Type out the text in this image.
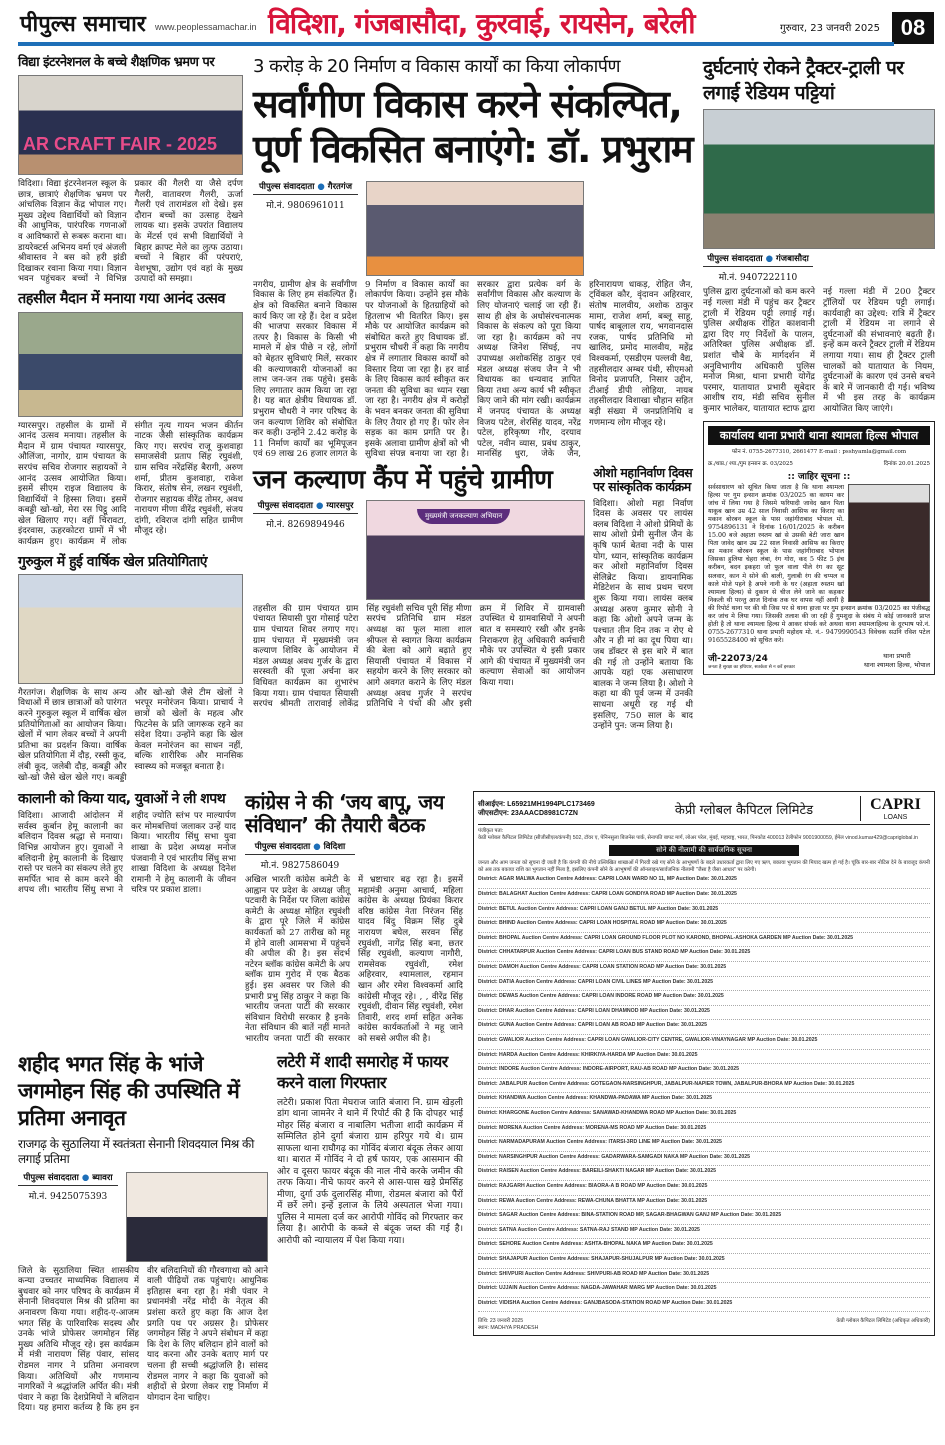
पीपुल्स समाचार www.peoplessamachar.in विदिशा, गंजबासौदा, कुरवाई, रायसेन, बरेली	गुरुवार, 23 जनवरी 2025 08
विद्या इंटरनेशनल के बच्चे शैक्षणिक भ्रमण पर
AR CRAFT FAIR - 2025
विदिशा। विद्या इंटरनेशनल स्कूल के छात्र, छात्राएं शैक्षणिक भ्रमण पर आंचलिक विज्ञान केंद्र भोपाल गए। मुख्य उद्देश्य विद्यार्थियों को विज्ञान की आधुनिक, पारंपरिक गणनाओं व आविष्कारों से रूबरू कराना था। डायरेक्टर्स अभिनय वर्मा एवं अंजली श्रीवास्तव ने बस को हरी झंडी दिखाकर रवाना किया गया। विज्ञान भवन पहुंचकर बच्चों ने विभिन्न प्रकार की गैलरी या जैसे दर्पण गैलरी, वातावरण गैलरी, ऊर्जा गैलरी एवं तारामंडल शो देखे। इस दौरान बच्चों का उत्साह देखने लायक था। इसके उपरांत विद्यालय के मेंटर्स एवं सभी विद्यार्थियों ने बिहार क्राफ्ट मेले का लुत्फ उठाया। बच्चों ने बिहार की परंपराएं, वेशभूषा, उद्योग एवं वहां के मुख्य उत्पादों को समझा।
तहसील मैदान में मनाया गया आनंद उत्सव
ग्यारसपुर। तहसील के ग्रामों में आनंद उत्सव मनाया। तहसील के मैदान में ग्राम पंचायत ग्यारसपुर, औलिंजा, नागोर, ग्राम पंचायत के सरपंच सचिव रोजगार सहायकों ने आनंद उत्सव आयोजित किया। इसमें सीएम राइज विद्यालय के विद्यार्थियों ने हिस्सा लिया। इसमें कबड्डी खो-खो, मेरा रस पिट्ठू आदि खेल खिलाए गए। वहीं चिरावटा, इंदरवास, ऊहरकोटरा ग्रामों में भी कार्यक्रम हुए। कार्यक्रम में लोक संगीत नृत्य गायन भजन कीर्तन नाटक जैसी सांस्कृतिक कार्यक्रम किए गए। सरपंच राजू कुशवाहा समाजसेवी प्रताप सिंह रघुवंशी, ग्राम सचिव नरेंद्रसिंह बैरागी, अरुण शर्मा, प्रीतम कुशवाहा, राकेश किरार, संतोष सेन, लखन रघुवंशी, रोजगार सहायक वीरेंद्र तोमर, अवध नारायण मीणा वीरेंद्र रघुवंशी, संजय दांगी, रविराज दांगी सहित ग्रामीण मौजूद रहे।
गुरुकुल में हुई वार्षिक खेल प्रतियोगिताएं
गैरतगंज। शैक्षणिक के साथ अन्य विधाओं में छात्र छात्राओं को पारंगत करने गुरुकुल स्कूल में वार्षिक खेल प्रतियोगिताओं का आयोजन किया। खेलों में भाग लेकर बच्चों ने अपनी प्रतिभा का प्रदर्शन किया। वार्षिक खेल प्रतियोगिता में दौड़, रस्सी कूद, लंबी कूद, जलेबी दौड़, कबड्डी और खो-खो जैसे खेल खेले गए। कबड्डी और खो-खो जैसे टीम खेलों ने भरपूर मनोरंजन किया। प्राचार्य ने छात्रों को खेलों के महत्व और फिटनेस के प्रति जागरूक रहने का संदेश दिया। उन्होंने कहा कि खेल केवल मनोरंजन का साधन नहीं, बल्कि शारीरिक और मानसिक स्वास्थ्य को मजबूत बनाता है।
3 करोड़ के 20 निर्माण व विकास कार्यों का किया लोकार्पण
सर्वांगीण विकास करने संकल्पित, पूर्ण विकसित बनाएंगे: डॉ. प्रभुराम
पीपुल्स संवाददाता ● गैरतगंज
मो.नं. 9806961011
नगरीय, ग्रामीण क्षेत्र के सर्वांगीण विकास के लिए हम संकल्पित हैं। क्षेत्र को विकसित बनाने विकास कार्य किए जा रहे हैं। देश व प्रदेश की भाजपा सरकार विकास में तत्पर है। विकास के किसी भी मामले में क्षेत्र पीछे न रहे, लोगों को बेहतर सुविधाएं मिलें, सरकार की कल्याणकारी योजनाओं का लाभ जन-जन तक पहुंचे। इसके लिए लगातार काम किया जा रहा है। यह बात क्षेत्रीय विधायक डॉ. प्रभुराम चौधरी ने नगर परिषद के जन कल्याण शिविर को संबोधित कर कही। उन्होंने 2.42 करोड़ के 11 निर्माण कार्यों का भूमिपूजन एवं 69 लाख 26 हजार लागत के 9 निर्माण व विकास कार्यों का लोकार्पण किया। उन्होंने इस मौके पर योजनाओं के हितग्राहियों को हितलाभ भी वितरित किए। इस मौके पर आयोजित कार्यक्रम को संबोधित करते हुए विधायक डॉ. प्रभुराम चौधरी ने कहा कि नगरीय क्षेत्र में लगातार विकास कार्यों को विस्तार दिया जा रहा है। हर वार्ड के लिए विकास कार्य स्वीकृत कर जनता की सुविधा का ध्यान रखा जा रहा है। नगरीय क्षेत्र में करोड़ों के भवन बनकर जनता की सुविधा के लिए तैयार हो गए हैं। फोर लेन सड़क का काम प्रगति पर है। इसके अलावा ग्रामीण क्षेत्रों को भी सुविधा संपन्न बनाया जा रहा है। सरकार द्वारा प्रत्येक वर्ग के सर्वांगीण विकास और कल्याण के लिए योजनाएं चलाई जा रही हैं। साथ ही क्षेत्र के अधोसंरचनात्मक विकास के संकल्प को पूरा किया जा रहा है। कार्यक्रम को नप अध्यक्ष जिनेश सिंघई, नप उपाध्यक्ष अशोकसिंह ठाकुर एवं मंडल अध्यक्ष संजय जैन ने भी विधायक का धन्यवाद ज्ञापित किया तथा अन्य कार्य भी स्वीकृत किए जाने की मांग रखी। कार्यक्रम में जनपद पंचायत के अध्यक्ष विजय पटेल, शेरसिंह यादव, नरेंद्र पटेल, हरिकृष्ण गौर, दरयाव पटेल, नवीन व्यास, प्रबंध ठाकुर, मानसिंह धुरा, जेके जैन, हरिनारायण धाकड़, रोहित जैन, ट्विंकल कौर, वृंदावन अहिरवार, संतोष मालवीय, अशोक ठाकुर मामा, राजेश शर्मा, बब्लू साहू, पार्षद बाबूलाल राय, भगवानदास रजक, पार्षद प्रतिनिधि मो खालिद, प्रमोद मालवीय, महेंद्र विश्वकर्मा, एसडीएम पल्लवी वैद्य, तहसीलदार अम्बर पंथी, सीएमओ विनोद प्रजापति, निसार उद्दीन, टीआई डीपी लोहिया, नायब तहसीलदार विशाखा चौहान सहित बड़ी संख्या में जनप्रतिनिधि व गणमान्य लोग मौजूद रहे।
जन कल्याण कैंप में पहुंचे ग्रामीण
पीपुल्स संवाददाता ● ग्यारसपुर
मो.नं. 8269894946
मुख्यमंत्री जनकल्याण अभियान
तहसील की ग्राम पंचायत ग्राम पंचायत सियासी पुरा गोसाई पटेरा ग्राम पंचायत शिवर लगाए गए। ग्राम पंचायत में मुख्यमंत्री जन कल्याण शिविर के आयोजन में मंडल अध्यक्ष अवध गुर्जर के द्वारा सरस्वती की पूजा अर्चना कर विधिवत कार्यक्रम का शुभारंभ किया गया। ग्राम पंचायत सियासी सरपंच श्रीमती तारावाई लोकेंद्र सिंह रघुवंशी सचिव पूरी सिंह मीणा सरपंच प्रतिनिधि ग्राम मंडल अध्यक्ष का फूल माला शाल श्रीफल से स्वागत किया कार्यक्रम की बेला को आगे बढ़ाते हुए सियासी पंचायत में विकास में सहयोग करने के लिए सरकार को आगे अवगत कराने के लिए मंडल अध्यक्ष अवध गुर्जर ने सरपंच प्रतिनिधि ने पंचो की और इसी क्रम में शिविर में ग्रामवासी उपस्थित थे ग्रामवासियों ने अपनी बात व समस्याएं रखी और इनके निराकरण हेतु अधिकारी कर्मचारी मौके पर उपस्थित थे इसी प्रकार आगे की पंचायत में मुख्यमंत्री जन कल्याण सेवाओं का आयोजन किया गया।
ओशो महानिर्वाण दिवस पर सांस्कृतिक कार्यक्रम
विदिशा। ओशो महा निर्वाण दिवस के अवसर पर लायंस क्लब विदिशा ने ओशो प्रेमियों के साथ ओशो प्रेमी सुनील जैन के कृषि फार्म बेतवा नदी के पास योग, ध्यान, सांस्कृतिक कार्यक्रम कर ओशो महानिर्वाण दिवस सेलिब्रेट किया। डायनामिक मेडिटेशन के साथ प्रथम चरण शुरू किया गया। लायंस क्लब अध्यक्ष अरुण कुमार सोनी ने कहा कि ओशो अपने जन्म के पश्चात तीन दिन तक न रोए थे और न ही मां का दूध पिया था। जब डॉक्टर से इस बारे में बात की गई तो उन्होंने बताया कि आपके यहां एक असाधारण बालक ने जन्म लिया है। ओशो ने कहा था की पूर्व जन्म में उनकी साधना अधूरी रह गई थी इसलिए, 750 साल के बाद उन्होंने पुन: जन्म लिया है।
दुर्घटनाएं रोकने ट्रैक्टर-ट्राली पर लगाई रेडियम पट्टियां
पीपुल्स संवाददाता ● गंजबासौदा
मो.नं. 9407222110
पुलिस द्वारा दुर्घटनाओं को कम करने नई गल्ला मंडी में पहुंच कर ट्रैक्टर ट्राली में रेडियम पट्टी लगाई गई। पुलिस अधीक्षक रोहित काशवानी द्वारा दिए गए निर्देशों के पालन, अतिरिक्त पुलिस अधीक्षक डॉ. प्रशांत चौबे के मार्गदर्शन में अनुविभागीय अधिकारी पुलिस मनोज मिश्रा, थाना प्रभारी योगेंद्र परमार, यातायात प्रभारी सूबेदार आशीष राय, मंडी सचिव सुनील कुमार भालेकर, यातायात स्टाफ द्वारा नई गल्ला मंडी में 200 ट्रैक्टर ट्रॉलियों पर रेडियम पट्टी लगाई। कार्यवाही का उद्देश्य: रात्रि में ट्रैक्टर ट्राली में रेडियम ना लगाने से दुर्घटनाओं की संभावनाएं बढ़ती हैं। इन्हें कम करने ट्रैक्टर ट्राली में रेडियम लगाया गया। साथ ही ट्रैक्टर ट्राली चालकों को यातायात के नियम, दुर्घटनाओं के कारण एवं उनसे बचने के बारे में जानकारी दी गई। भविष्य में भी इस तरह के कार्यक्रम आयोजित किए जाएंगे।
कार्यालय थाना प्रभारी थाना श्यामला हिल्स भोपाल
फोन नं. 0755-2677310, 2661477 E-mail : psshyamla@gmail.com
क्र./थाप्र./ श्या./गुम इन्सान क्र. 03/2025	दिनांक 20.01.2025
:: जाहिर सूचना ::
सर्वसाधारण को सूचित किया जाता है कि थाना श्यामला हिल्स पर गुम इन्सान क्रमांक 03/2025 का कायम कर जांच में लिया गया है जिसमे फरियादी जावेद खान पिता याकूब खान उम्र 42 साल निवासी आसिफ का किराए का मकान बोरबन स्कूल के पास जहांगीराबाद भोपाल मो. 9754896131 ने दिनांक 16/01/2025 के करीबन 15.00 बजे अहाता रुस्तम खां से उसकी बेटी जारा खान पिता जावेद खान उम्र 22 साल निवासी आसिफ का किराए का मकान बोरबन स्कूल के पास जहांगीराबाद भोपाल जिसका हुलिया चेहरा लंबा, रंग गोरा, कद 5 फीट 5 इंच करीबन, बदन इकहरा जो फूल वाला पीले रंग का सूट सलवार, कान मे सोने की बाली, गुलाबी रंग की चप्पल व काले मोजे पहने है अपने नानी के घर (अहाता रुस्तम खां श्यामला हिल्स) से दुकान से चीज लेने जाने का कहकर निकली थी परन्तु आज दिनांक तक घर वापस नहीं आयी है की रिपोर्ट थाना पर की थी जिस पर से थाना हाजा पर गुम इन्सान क्रमांक 03/2025 का पंजीबद्ध कर जांच मे लिया गया। जिसकी तलाश की जा रही है गुमशुदा के संबंध मे कोई जानकारी प्राप्त होती है तो थाना श्यामला हिल्स मे आकर संपर्क करे अथवा थाना श्यामलाहिल्स के दूरभाष फो.नं. 0755-2677310 थाना प्रभारी महोदय मो. नं.- 9479990543 विवेचक सउनि रविश पटेल 9165528400 को सूचित करे।
जी-22073/24
जनता है सुरक्षा का हथियार, सतर्कता से न करें इनकार
थाना प्रभारी
थाना श्यामला हिल्स, भोपाल
कालानी को किया याद, युवाओं ने ली शपथ
विदिशा। आजादी आंदोलन में सर्वस्व कुर्बान हेमू कालानी का बलिदान दिवस श्रद्धा से मनाया। विभिन्न आयोजन हुए। युवाओं ने बलिदानी हेमू कालानी के दिखाए रास्ते पर चलने का संकल्प लेते हुए समर्पित भाव से काम करने की शपथ ली। भारतीय सिंधु सभा ने शहीद ज्योति स्तंभ पर माल्यार्पण कर मोमबत्तियां जलाकर उन्हें याद किया। भारतीय सिंधु सभा युवा शाखा के प्रदेश अध्यक्ष मनोज पंजवानी ने एवं भारतीय सिंधु सभा शाखा विदिशा के अध्यक्ष दिनेश रामानी ने हेमू कालानी के जीवन चरित्र पर प्रकाश डाला।
कांग्रेस ने की ‘जय बापू, जय संविधान’ की तैयारी बैठक
पीपुल्स संवाददाता ● विदिशा
मो.नं. 9827586049
अखिल भारती कांग्रेस कमेटी के आह्वान पर प्रदेश के अध्यक्ष जीतू पटवारी के निर्देश पर जिला कांग्रेस कमेटी के अध्यक्ष मोहित रघुवंशी के द्वारा पूरे जिले में कांग्रेस कार्यकर्ता को 27 तारीख को महू में होने वाली आमसभा में पहुंचने की अपील की है। इस संदर्भ नटेरन ब्लॉक कांग्रेस कमेटी के अप ब्लॉक ग्राम गुरोद में एक बैठक हुई। इस अवसर पर जिले की प्रभारी प्रभु सिंह ठाकुर ने कहा कि भारतीय जनता पार्टी की सरकार संविधान विरोधी सरकार है इनके नेता संविधान की बातें नहीं मानते भारतीय जनता पार्टी की सरकार में भ्रष्टाचार बढ़ रहा है। इसमें महामंत्री अनुमा आचार्य, महिला कांग्रेस के अध्यक्ष प्रियंका किरार वरिष्ठ कांग्रेस नेता निरंजन सिंह यादव बिंदु विक्रम सिंह दुबे नारायण बघेल, सरवन सिंह रघुवंशी, नागेंद्र सिंह बना, छतर सिंह रघुवंशी, कल्याण नागौरी, रामसेवक रघुवंशी, रमेश अहिरवार, श्यामलाल, रहमान खान और रमेश विश्वकर्मा आदि कांग्रेसी मौजूद रहे। , , वीरेंद्र सिंह रघुवंशी, दीवान सिंह रघुवंशी, रमेश तिवारी, शरद शर्मा सहित अनेक कांग्रेस कार्यकर्ताओं ने महू जाने को सबसे अपील की है।
शहीद भगत सिंह के भांजे जगमोहन सिंह की उपस्थिति में प्रतिमा अनावृत
राजगढ़ के सुठालिया में स्वतंत्रता सेनानी शिवदयाल मिश्र की लगाई प्रतिमा
पीपुल्स संवाददाता ● ब्यावरा
मो.नं. 9425075393
जिले के सुठालिया स्थित शासकीय कन्या उच्चतर माध्यमिक विद्यालय में बुधवार को नगर परिषद के कार्यक्रम में सेनानी शिवदयाल मिश्र की प्रतिमा का अनावरण किया गया। शहीद-ए-आजम भगत सिंह के पारिवारिक सदस्य और उनके भांजे प्रोफेसर जगमोहन सिंह मुख्य अतिथि मौजूद रहे। इस कार्यक्रम में मंत्री नारायण सिंह पंवार, सांसद रोडमल नागर ने प्रतिमा अनावरण किया। अतिथियों और गणमान्य नागरिकों ने श्रद्धांजलि अर्पित की। मंत्री पंवार ने कहा कि देशप्रेमियों ने बलिदान दिया। यह हमारा कर्तव्य है कि हम इन वीर बलिदानियों की गौरवगाथा को आने वाली पीढ़ियों तक पहुंचाएं। आधुनिक इतिहास बना रहा है। मंत्री पंवार ने प्रधानमंत्री नरेंद्र मोदी के नेतृत्व की प्रशंसा करते हुए कहा कि आज देश प्रगति पथ पर अग्रसर है। प्रोफेसर जगमोहन सिंह ने अपने संबोधन में कहा कि देश के लिए बलिदान होने वालों को याद करना और उनके बताए मार्ग पर चलना ही सच्ची श्रद्धांजलि है। सांसद रोडमल नागर ने कहा कि युवाओं को शहीदों से प्रेरणा लेकर राष्ट्र निर्माण में योगदान देना चाहिए।
लटेरी में शादी समारोह में फायर करने वाला गिरफ्तार
लटेरी। प्रकाश पिता मेघराज जाति बंजारा नि. ग्राम खेड़ली डांग थाना जामनेर ने थाने में रिपोर्ट की है कि दोपहर भाई मोहर सिंह बंजारा व नाबालिग भतीजा शादी कार्यक्रम में सम्मिलित होने दुर्गा बंजारा ग्राम हरिपुर गये थे। ग्राम साफला थाना राघौगढ़ का गोविंद बंजारा बंदूक लेकर आया था। बारात में गोविंद ने दो हर्ष फायर, एक आसमान की ओर व दूसरा फायर बंदूक की नाल नीचे करके जमीन की तरफ किया। नीचे फायर करने से आस-पास खड़े प्रेमसिंह मीणा, दुर्गा उर्फ दुलारसिंह मीणा, रोडमल बंजारा को पैरों में छर्रे लगे। इन्हें इलाज के लिये अस्पताल भेजा गया। पुलिस ने मामला दर्ज कर आरोपी गोविंद को गिरफ्तार कर लिया है। आरोपी के कब्जे से बंदूक जब्त की गई है। आरोपी को न्यायालय में पेश किया गया।
सीआईएन: L65921MH1994PLC173469
जीएसटीएन: 23AAACD8981C7ZN	केप्री ग्लोबल कैपिटल लिमिटेड	CAPRI
LOANS
पंजीकृत पता:
केप्री ग्लोबल कैपिटल लिमिटेड (सीजीसीएल/कंपनी) 502, टॉवर ए, पेनिनसुला बिजनेस पार्क, सेनापति बापट मार्ग, लोअर परेल, मुंबई, महाराष्ट्र, भारत, पिनकोड 400013 टेलीफोन 9001900059, ईमेल vinod.kumar429@capriglobal.in
सोने की नीलामी की सार्वजनिक सूचना
जनता और आम जनता को सूचना दी जाती है कि कंपनी की नीचे उल्लिखित शाखाओं में गिरवी रखे गए सोने के आभूषणों के बदले उधारकर्ता द्वारा लिए गए ऋण, बकाया भुगतान की मियाद खत्म हो गई है। चूंकि बार-बार नोटिस देने के बावजूद कंपनी को अब तक बकाया राशि का भुगतान नहीं मिला है, इसलिए कंपनी सोने के आभूषणों की ऑनलाइन/सार्वजनिक नीलामी "जैसा है जैसा आधार" पर करेगी।
District: AGAR MALWA Auction Centre Address: CAPRI LOAN WARD NO 11, MP Auction Date: 30.01.2025
District: BALAGHAT Auction Centre Address: CAPRI LOAN GONDIYA ROAD MP Auction Date: 30.01.2025
District: BETUL Auction Centre Address: CAPRI LOAN GANJ BETUL MP Auction Date: 30.01.2025
District: BHIND Auction Centre Address: CAPRI LOAN HOSPITAL ROAD MP Auction Date: 30.01.2025
District: BHOPAL Auction Centre Address: CAPRI LOAN GROUND FLOOR PLOT NO KAROND, BHOPAL-ASHOKA GARDEN MP Auction Date: 30.01.2025
District: CHHATARPUR Auction Centre Address: CAPRI LOAN BUS STAND ROAD MP Auction Date: 30.01.2025
District: DAMOH Auction Centre Address: CAPRI LOAN STATION ROAD MP Auction Date: 30.01.2025
District: DATIA Auction Centre Address: CAPRI LOAN CIVIL LINES MP Auction Date: 30.01.2025
District: DEWAS Auction Centre Address: CAPRI LOAN INDORE ROAD MP Auction Date: 30.01.2025
District: DHAR Auction Centre Address: CAPRI LOAN DHAMNOD MP Auction Date: 30.01.2025
District: GUNA Auction Centre Address: CAPRI LOAN AB ROAD MP Auction Date: 30.01.2025
District: GWALIOR Auction Centre Address: CAPRI LOAN GWALIOR-CITY CENTRE, GWALIOR-VINAYNAGAR MP Auction Date: 30.01.2025
District: HARDA Auction Centre Address: KHIRKIYA-HARDA MP Auction Date: 30.01.2025
District: INDORE Auction Centre Address: INDORE-AIRPORT, RAU-AB ROAD MP Auction Date: 30.01.2025
District: JABALPUR Auction Centre Address: GOTEGAON-NARSINGHPUR, JABALPUR-NAPIER TOWN, JABALPUR-BHORA MP Auction Date: 30.01.2025
District: KHANDWA Auction Centre Address: KHANDWA-PADAWA MP Auction Date: 30.01.2025
District: KHARGONE Auction Centre Address: SANAWAD-KHANDWA ROAD MP Auction Date: 30.01.2025
District: MORENA Auction Centre Address: MORENA-MS ROAD MP Auction Date: 30.01.2025
District: NARMADAPURAM Auction Centre Address: ITARSI-3RD LINE MP Auction Date: 30.01.2025
District: NARSINGHPUR Auction Centre Address: GADARWARA-SAMGADI NAKA MP Auction Date: 30.01.2025
District: RAISEN Auction Centre Address: BAREILI-SHAKTI NAGAR MP Auction Date: 30.01.2025
District: RAJGARH Auction Centre Address: BIAORA-A B ROAD MP Auction Date: 30.01.2025
District: REWA Auction Centre Address: REWA-CHUNA BHATTA MP Auction Date: 30.01.2025
District: SAGAR Auction Centre Address: BINA-STATION ROAD MP, SAGAR-BHAGWAN GANJ MP Auction Date: 30.01.2025
District: SATNA Auction Centre Address: SATNA-RAJ STAND MP Auction Date: 30.01.2025
District: SEHORE Auction Centre Address: ASHTA-BHOPAL NAKA MP Auction Date: 30.01.2025
District: SHAJAPUR Auction Centre Address: SHAJAPUR-SHUJALPUR MP Auction Date: 30.01.2025
District: SHIVPURI Auction Centre Address: SHIVPURI-AB ROAD MP Auction Date: 30.01.2025
District: UJJAIN Auction Centre Address: NAGDA-JAWAHAR MARG MP Auction Date: 30.01.2025
District: VIDISHA Auction Centre Address: GANJBASODA-STATION ROAD MP Auction Date: 30.01.2025
तिथि: 23 जनवरी 2025
स्थान: MADHYA PRADESH
केप्री ग्लोबल कैपिटल लिमिटेड (अधिकृत अधिकारी)
